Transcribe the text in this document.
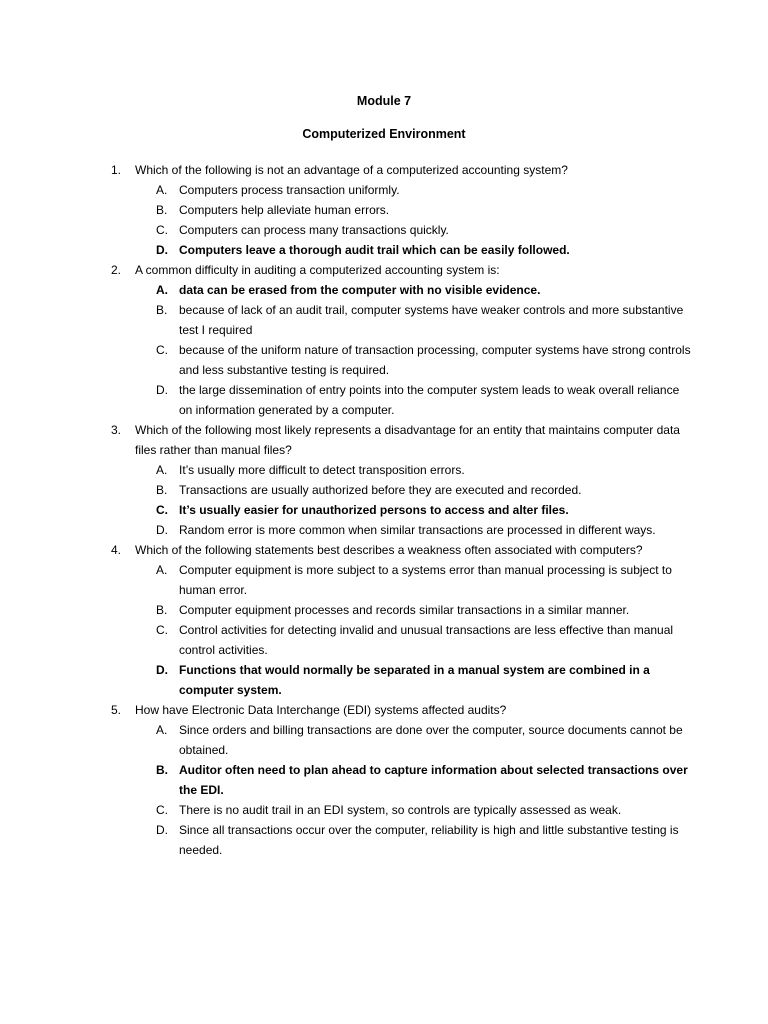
Module 7
Computerized Environment
1.	Which of the following is not an advantage of a computerized accounting system?
A. Computers process transaction uniformly.
B. Computers help alleviate human errors.
C. Computers can process many transactions quickly.
D. Computers leave a thorough audit trail which can be easily followed.
2.	A common difficulty in auditing a computerized accounting system is:
A. data can be erased from the computer with no visible evidence.
B. because of lack of an audit trail, computer systems have weaker controls and more substantive test I required
C. because of the uniform nature of transaction processing, computer systems have strong controls and less substantive testing is required.
D. the large dissemination of entry points into the computer system leads to weak overall reliance on information generated by a computer.
3.	Which of the following most likely represents a disadvantage for an entity that maintains computer data files rather than manual files?
A. It’s usually more difficult to detect transposition errors.
B. Transactions are usually authorized before they are executed and recorded.
C. It’s usually easier for unauthorized persons to access and alter files.
D. Random error is more common when similar transactions are processed in different ways.
4.	Which of the following statements best describes a weakness often associated with computers?
A. Computer equipment is more subject to a systems error than manual processing is subject to human error.
B. Computer equipment processes and records similar transactions in a similar manner.
C. Control activities for detecting invalid and unusual transactions are less effective than manual control activities.
D. Functions that would normally be separated in a manual system are combined in a computer system.
5.	How have Electronic Data Interchange (EDI) systems affected audits?
A. Since orders and billing transactions are done over the computer, source documents cannot be obtained.
B. Auditor often need to plan ahead to capture information about selected transactions over the EDI.
C. There is no audit trail in an EDI system, so controls are typically assessed as weak.
D. Since all transactions occur over the computer, reliability is high and little substantive testing is needed.
